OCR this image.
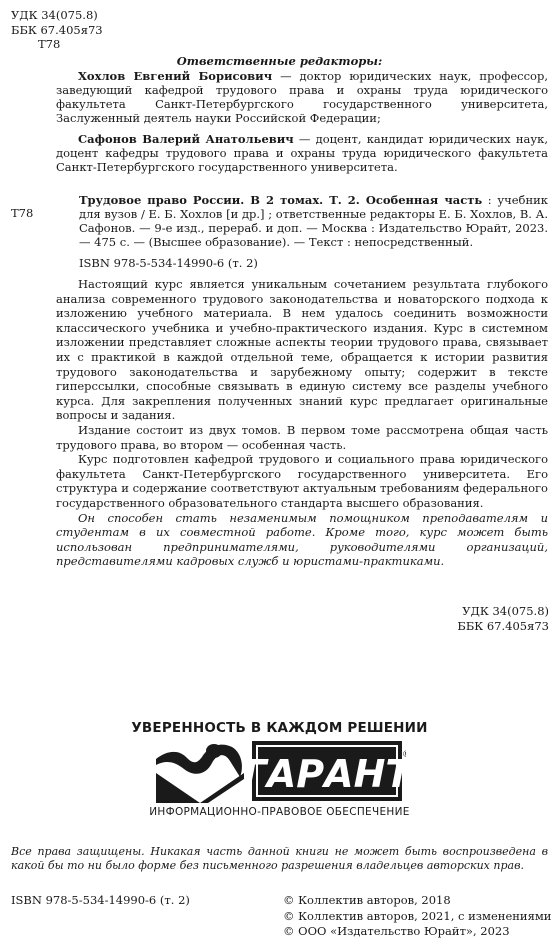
УДК 34(075.8)
ББК 67.405я73
Т78
Ответственные редакторы:
Хохлов Евгений Борисович — доктор юридических наук, профессор, заведующий кафедрой трудового права и охраны труда юридического факультета Санкт-Петербургского государственного университета, Заслуженный деятель науки Российской Федерации;
Сафонов Валерий Анатольевич — доцент, кандидат юридических наук, доцент кафедры трудового права и охраны труда юридического факультета Санкт-Петербургского государственного университета.
Т78
Трудовое право России. В 2 томах. Т. 2. Особенная часть : учебник для вузов / Е. Б. Хохлов [и др.] ; ответственные редакторы Е. Б. Хохлов, В. А. Сафонов. — 9-е изд., перераб. и доп. — Москва : Издательство Юрайт, 2023. — 475 с. — (Высшее образование). — Текст : непосредственный.
ISBN 978-5-534-14990-6 (т. 2)

Настоящий курс является уникальным сочетанием результата глубокого анализа современного трудового законодательства и новаторского подхода к изложению учебного материала. В нем удалось соединить возможности классического учебника и учебно-практического издания. Курс в системном изложении представляет сложные аспекты теории трудового права, связывает их с практикой в каждой отдельной теме, обращается к истории развития трудового законодательства и зарубежному опыту; содержит в тексте гиперссылки, способные связывать в единую систему все разделы учебного курса. Для закрепления полученных знаний курс предлагает оригинальные вопросы и задания.

Издание состоит из двух томов. В первом томе рассмотрена общая часть трудового права, во втором — особенная часть.

Курс подготовлен кафедрой трудового и социального права юридического факультета Санкт-Петербургского государственного университета. Его структура и содержание соответствуют актуальным требованиям федерального государственного образовательного стандарта высшего образования.

Он способен стать незаменимым помощником преподавателям и студентам в их совместной работе. Кроме того, курс может быть использован предпринимателями, руководителями организаций, представителями кадровых служб и юристами-практиками.

УДК 34(075.8)
ББК 67.405я73
УВЕРЕННОСТЬ В КАЖДОМ РЕШЕНИИ
ГАРАНТ
ИНФОРМАЦИОННО-ПРАВОВОЕ ОБЕСПЕЧЕНИЕ
Все права защищены. Никакая часть данной книги не может быть воспроизведена в какой бы то ни было форме без письменного разрешения владельцев авторских прав.
ISBN 978-5-534-14990-6 (т. 2)	© Коллектив авторов, 2018
© Коллектив авторов, 2021, с изменениями
© ООО «Издательство Юрайт», 2023
